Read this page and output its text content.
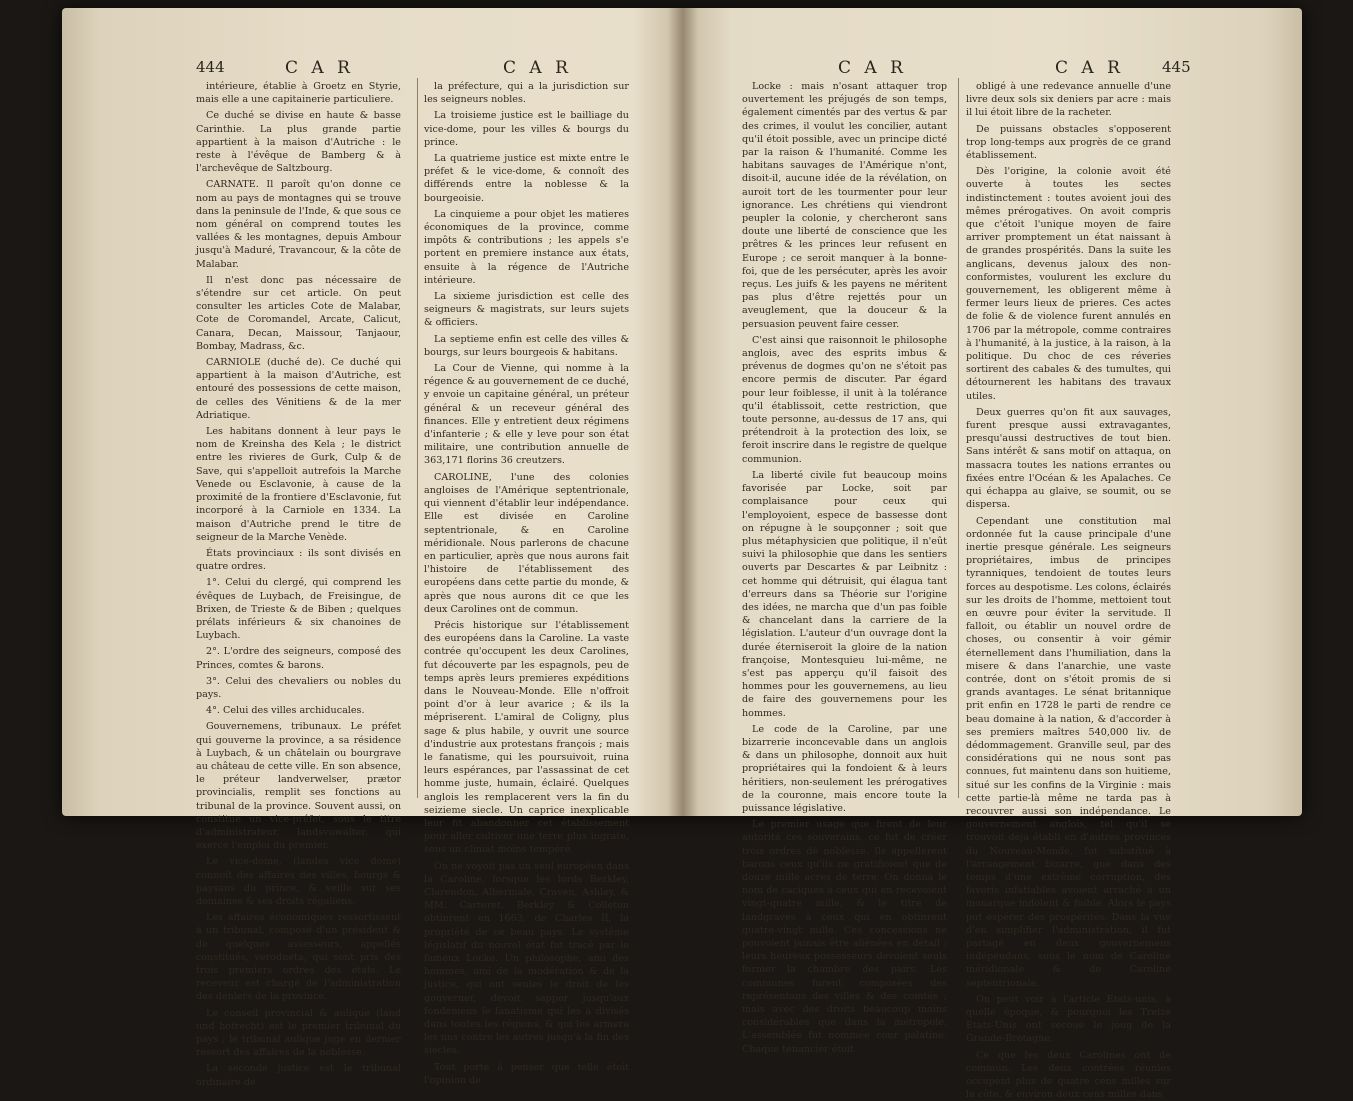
444	C A R	C A R

intérieure, établie à Groetz en Styrie, mais elle a une capitainerie particuliere.

Ce duché se divise en haute & basse Carinthie. La plus grande partie appartient à la maison d'Autriche : le reste à l'évêque de Bamberg & à l'archevêque de Saltzbourg.

CARNATE. Il paroît qu'on donne ce nom au pays de montagnes qui se trouve dans la peninsule de l'Inde, & que sous ce nom général on comprend toutes les vallées & les montagnes, depuis Ambour jusqu'à Maduré, Travancour, & la côte de Malabar.

Il n'est donc pas nécessaire de s'étendre sur cet article. On peut consulter les articles Cote de Malabar, Cote de Coromandel, Arcate, Calicut, Canara, Decan, Maissour, Tanjaour, Bombay, Madrass, &c.

CARNIOLE (duché de). Ce duché qui appartient à la maison d'Autriche, est entouré des possessions de cette maison, de celles des Vénitiens & de la mer Adriatique.

Les habitans donnent à leur pays le nom de Kreinsha des Kela ; le district entre les rivieres de Gurk, Culp & de Save, qui s'appelloit autrefois la Marche Venede ou Esclavonie, à cause de la proximité de la frontiere d'Esclavonie, fut incorporé à la Carniole en 1334. La maison d'Autriche prend le titre de seigneur de la Marche Venède.

États provinciaux : ils sont divisés en quatre ordres.

1°. Celui du clergé, qui comprend les évêques de Luybach, de Freisingue, de Brixen, de Trieste & de Biben ; quelques prélats inférieurs & six chanoines de Luybach.

2°. L'ordre des seigneurs, composé des Princes, comtes & barons.

3°. Celui des chevaliers ou nobles du pays.

4°. Celui des villes archiducales.

Gouvernemens, tribunaux. Le préfet qui gouverne la province, a sa résidence à Luybach, & un châtelain ou bourgrave au château de cette ville. En son absence, le préteur landverwelser, prætor provincialis, remplit ses fonctions au tribunal de la province. Souvent aussi, on constitue un vice-préfet, sous le titre d'administrateur, landsvuwalter, qui exerce l'emploi du premier.

Le vice-dome, (landes vice dome) connoît des affaires des villes, bourgs & paysans du prince, & veille sur ses domaines & ses droits régaliens.

Les affaires économiques ressortissent à un tribunal, composé d'un président & de quelques assesseurs, appellés constitués, verodneta, qui sont pris des trois premiers ordres des états. Le receveur est chargé de l'administration des deniers de la province.

Le conseil provincial & aulique (land und hofrecht) est le premier tribunal du pays ; le tribunal aulique juge en dernier ressort des affaires de la noblesse.

La seconde justice est le tribunal ordinaire de

la préfecture, qui a la jurisdiction sur les seigneurs nobles.

La troisieme justice est le bailliage du vice-dome, pour les villes & bourgs du prince.

La quatrieme justice est mixte entre le préfet & le vice-dome, & connoît des différends entre la noblesse & la bourgeoisie.

La cinquieme a pour objet les matieres économiques de la province, comme impôts & contributions ; les appels s'e portent en premiere instance aux états, ensuite à la régence de l'Autriche intérieure.

La sixieme jurisdiction est celle des seigneurs & magistrats, sur leurs sujets & officiers.

La septieme enfin est celle des villes & bourgs, sur leurs bourgeois & habitans.

La Cour de Vienne, qui nomme à la régence & au gouvernement de ce duché, y envoie un capitaine général, un préteur général & un receveur général des finances. Elle y entretient deux régimens d'infanterie ; & elle y leve pour son état militaire, une contribution annuelle de 363,171 florins 36 creutzers.

CAROLINE, l'une des colonies angloises de l'Amérique septentrionale, qui viennent d'établir leur indépendance. Elle est divisée en Caroline septentrionale, & en Caroline méridionale. Nous parlerons de chacune en particulier, après que nous aurons fait l'histoire de l'établissement des européens dans cette partie du monde, & après que nous aurons dit ce que les deux Carolines ont de commun.

Précis historique sur l'établissement des européens dans la Caroline. La vaste contrée qu'occupent les deux Carolines, fut découverte par les espagnols, peu de temps après leurs premieres expéditions dans le Nouveau-Monde. Elle n'offroit point d'or à leur avarice ; & ils la mépriserent. L'amiral de Coligny, plus sage & plus habile, y ouvrit une source d'industrie aux protestans françois ; mais le fanatisme, qui les poursuivoit, ruina leurs espérances, par l'assassinat de cet homme juste, humain, éclairé. Quelques anglois les remplacerent vers la fin du seizieme siecle. Un caprice inexplicable leur fit abandonner cet établissement pour aller cultiver une terre plus ingrate, sous un climat moins tempéré.

On ne voyoit pas un seul européen dans la Caroline, lorsque les lords Berkley, Clarendon, Albermale, Craven, Ashley, & MM. Carteret, Berkley & Colleton obtinrent en 1663, de Charles II, la propriété de ce beau pays. Le systême législatif du nouvel état fut tracé par le fameux Locke. Un philosophe, ami des hommes, ami de la modération & de la justice, qui ont seules le droit de les gouverner, devoit sapper jusqu'aux fondemens le fanatisme qui les a divisés dans toutes les régions, & qui les armera les uns contre les autres jusqu'à la fin des siecles.

Tout porte à penser que telle étoit l'opinion de

C A R	C A R	445

Locke : mais n'osant attaquer trop ouvertement les préjugés de son temps, également cimentés par des vertus & par des crimes, il voulut les concilier, autant qu'il étoit possible, avec un principe dicté par la raison & l'humanité. Comme les habitans sauvages de l'Amérique n'ont, disoit-il, aucune idée de la révélation, on auroit tort de les tourmenter pour leur ignorance. Les chrétiens qui viendront peupler la colonie, y chercheront sans doute une liberté de conscience que les prêtres & les princes leur refusent en Europe ; ce seroit manquer à la bonne-foi, que de les persécuter, après les avoir reçus. Les juifs & les payens ne méritent pas plus d'être rejettés pour un aveuglement, que la douceur & la persuasion peuvent faire cesser.

C'est ainsi que raisonnoit le philosophe anglois, avec des esprits imbus & prévenus de dogmes qu'on ne s'étoit pas encore permis de discuter. Par égard pour leur foiblesse, il unit à la tolérance qu'il établissoit, cette restriction, que toute personne, au-dessus de 17 ans, qui prétendroit à la protection des loix, se feroit inscrire dans le registre de quelque communion.

La liberté civile fut beaucoup moins favorisée par Locke, soit par complaisance pour ceux qui l'employoient, espece de bassesse dont on répugne à le soupçonner ; soit que plus métaphysicien que politique, il n'eût suivi la philosophie que dans les sentiers ouverts par Descartes & par Leibnitz : cet homme qui détruisit, qui élagua tant d'erreurs dans sa Théorie sur l'origine des idées, ne marcha que d'un pas foible & chancelant dans la carriere de la législation. L'auteur d'un ouvrage dont la durée éterniseroit la gloire de la nation françoise, Montesquieu lui-même, ne s'est pas apperçu qu'il faisoit des hommes pour les gouvernemens, au lieu de faire des gouvernemens pour les hommes.

Le code de la Caroline, par une bizarrerie inconcevable dans un anglois & dans un philosophe, donnoit aux huit propriétaires qui la fondoient & à leurs héritiers, non-seulement les prérogatives de la couronne, mais encore toute la puissance législative.

Le premier usage que firent de leur autorité ces souverains, ce fut de créer trois ordres de noblesse. Ils appellerent barons ceux qu'ils ne gratifioient que de douze mille acres de terre. On donna le nom de caciques à ceux qui en recevoient vingt-quatre mille, & le titre de landgraves à ceux qui en obtinrent quatre-vingt mille. Ces concessions ne pouvoient jamais être aliénées en détail ; leurs heureux possesseurs devoient seuls former la chambre des pairs. Les communes furent composées des représentans des villes & des comtés ; mais avec des droits beaucoup moins considérables que dans la métropole. L'assemblée fut nommée cour palatine. Chaque tenancier étoit

obligé à une redevance annuelle d'une livre deux sols six deniers par acre : mais il lui étoit libre de la racheter.

De puissans obstacles s'opposerent trop long-temps aux progrès de ce grand établissement.

Dès l'origine, la colonie avoit été ouverte à toutes les sectes indistinctement : toutes avoient joui des mêmes prérogatives. On avoit compris que c'étoit l'unique moyen de faire arriver promptement un état naissant à de grandes prospérités. Dans la suite les anglicans, devenus jaloux des non-conformistes, voulurent les exclure du gouvernement, les obligerent même à fermer leurs lieux de prieres. Ces actes de folie & de violence furent annulés en 1706 par la métropole, comme contraires à l'humanité, à la justice, à la raison, à la politique. Du choc de ces réveries sortirent des cabales & des tumultes, qui détournerent les habitans des travaux utiles.

Deux guerres qu'on fit aux sauvages, furent presque aussi extravagantes, presqu'aussi destructives de tout bien. Sans intérêt & sans motif on attaqua, on massacra toutes les nations errantes ou fixées entre l'Océan & les Apalaches. Ce qui échappa au glaive, se soumit, ou se dispersa.

Cependant une constitution mal ordonnée fut la cause principale d'une inertie presque générale. Les seigneurs propriétaires, imbus de principes tyranniques, tendoient de toutes leurs forces au despotisme. Les colons, éclairés sur les droits de l'homme, mettoient tout en œuvre pour éviter la servitude. Il falloit, ou établir un nouvel ordre de choses, ou consentir à voir gémir éternellement dans l'humiliation, dans la misere & dans l'anarchie, une vaste contrée, dont on s'étoit promis de si grands avantages. Le sénat britannique prit enfin en 1728 le parti de rendre ce beau domaine à la nation, & d'accorder à ses premiers maîtres 540,000 liv. de dédommagement. Granville seul, par des considérations qui ne nous sont pas connues, fut maintenu dans son huitieme, situé sur les confins de la Virginie : mais cette partie-là même ne tarda pas à recouvrer aussi son indépendance. Le gouvernement anglois, tel qu'il se trouvoit déja établi en d'autres provinces du Nouveau-Monde, fut substitué à l'arrangement bizarre, que dans des temps d'une extrême corruption, des favoris infatiables avoient arraché à un monarque indolent & foible. Alors le pays put espérer des prospérités. Dans la vue d'en simplifier l'administration, il fut partagé en deux gouvernemens indépendans, sous le nom de Caroline méridionale & de Caroline septentrionale.

On peut voir à l'article Etats-unis, à quelle époque, & pourquoi les Treize Etats-Unis ont secoué le joug de la Grande-Bretagne.

Ce que les deux Carolines ont de commun. Les deux contrées réunies occupent plus de quatre cens milles sur la côte, & environ deux cens milles dans
